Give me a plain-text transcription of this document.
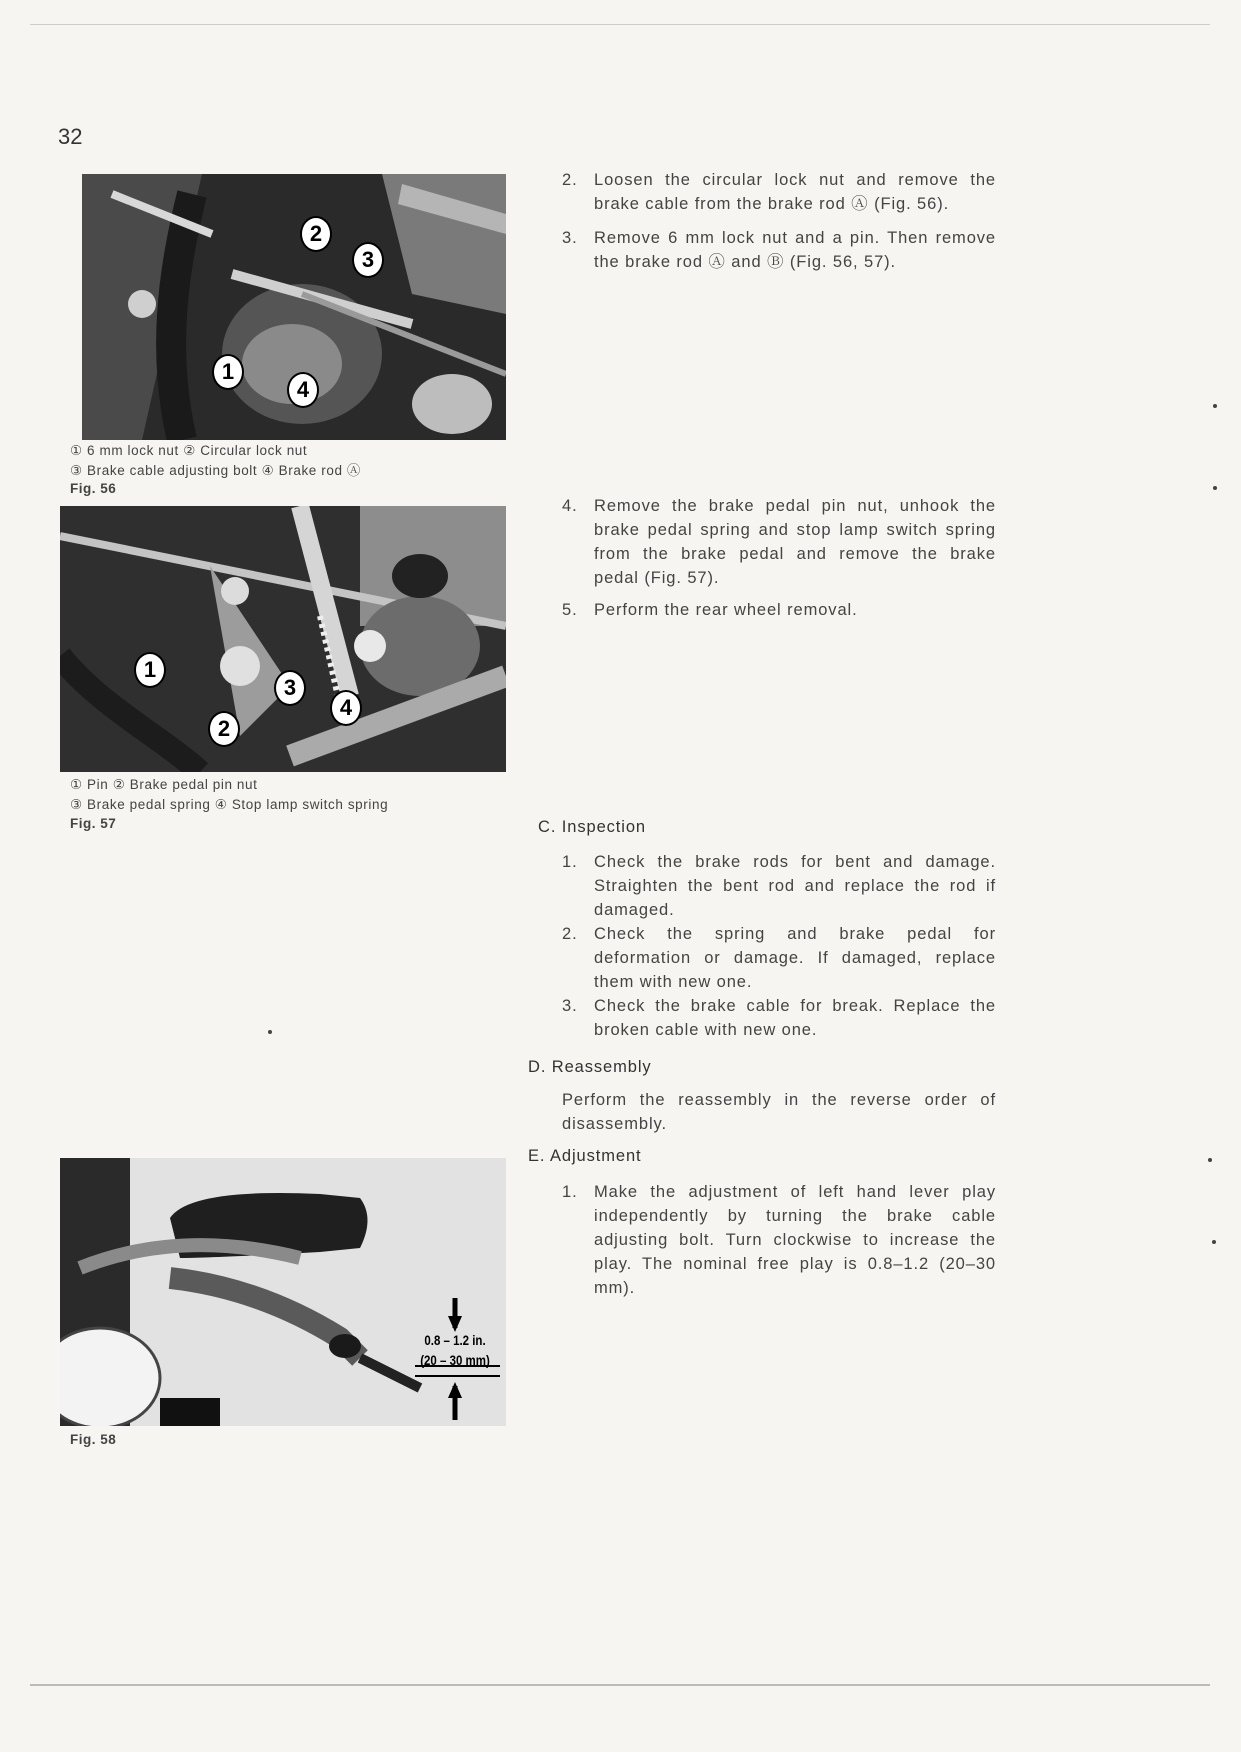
32
1
2
3
4
① 6 mm lock nut ② Circular lock nut
③ Brake cable adjusting bolt ④ Brake rod Ⓐ
Fig. 56
1
2
3
4
① Pin ② Brake pedal pin nut
③ Brake pedal spring ④ Stop lamp switch spring
Fig. 57
0.8 – 1.2 in.
(20 – 30 mm)
Fig. 58
2. Loosen the circular lock nut and remove the brake cable from the brake rod Ⓐ (Fig. 56).
3. Remove 6 mm lock nut and a pin. Then remove the brake rod Ⓐ and Ⓑ (Fig. 56, 57).
4. Remove the brake pedal pin nut, unhook the brake pedal spring and stop lamp switch spring from the brake pedal and remove the brake pedal (Fig. 57).
5. Perform the rear wheel removal.
C. Inspection
1. Check the brake rods for bent and damage. Straighten the bent rod and replace the rod if damaged.
2. Check the spring and brake pedal for deformation or damage. If damaged, replace them with new one.
3. Check the brake cable for break. Replace the broken cable with new one.
D. Reassembly
Perform the reassembly in the reverse order of disassembly.
E. Adjustment
1. Make the adjustment of left hand lever play independently by turning the brake cable adjusting bolt. Turn clockwise to increase the play. The nominal free play is 0.8–1.2 (20–30 mm).
